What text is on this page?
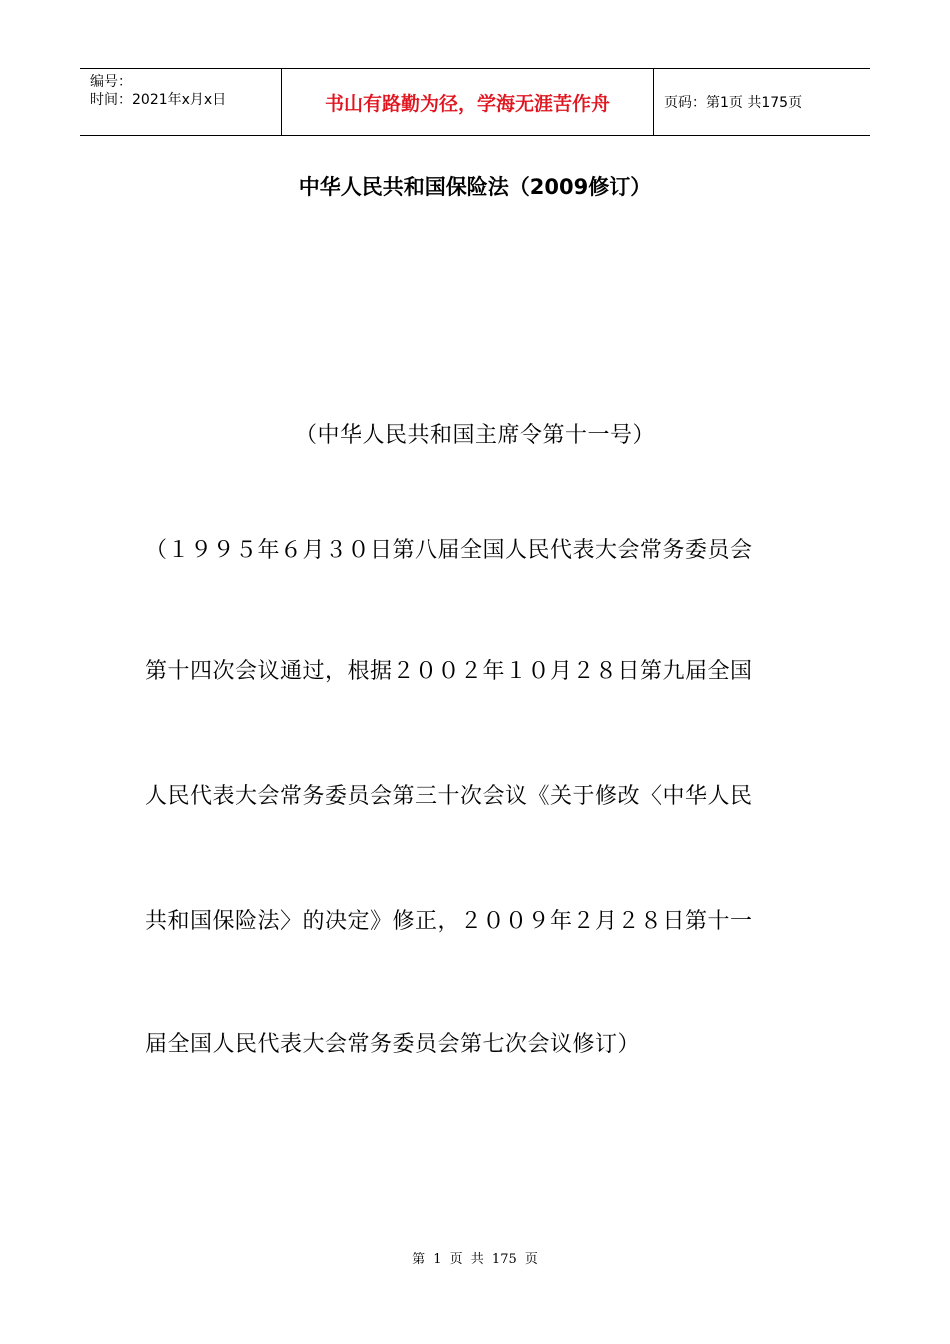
编号：
时间：2021年x月x日	书山有路勤为径，学海无涯苦作舟	页码：第1页 共175页
中华人民共和国保险法（2009修订）

（中华人民共和国主席令第十一号）

（１９９５年６月３０日第八届全国人民代表大会常务委员会

第十四次会议通过，根据２００２年１０月２８日第九届全国

人民代表大会常务委员会第三十次会议《关于修改〈中华人民

共和国保险法〉的决定》修正，２００９年２月２８日第十一

届全国人民代表大会常务委员会第七次会议修订）

第 1 页 共 175 页
